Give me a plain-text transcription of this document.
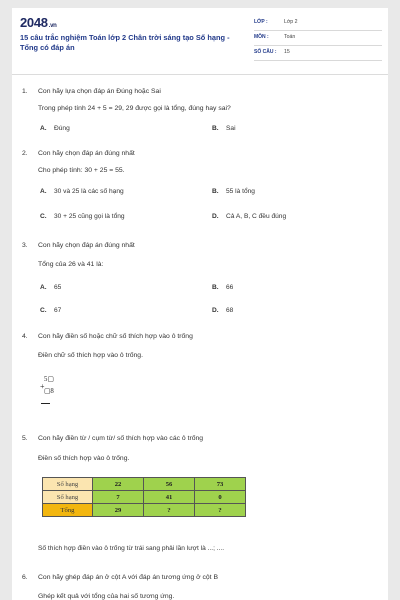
2048.vn
15 câu trắc nghiệm Toán lớp 2 Chân trời sáng tạo Số hạng - Tổng có đáp án
LỚP :	Lớp 2
MÔN :	Toán
SỐ CÂU : 15
1. Con hãy lựa chọn đáp án Đúng hoặc Sai
Trong phép tính 24 + 5 = 29, 29 được gọi là tổng, đúng hay sai?
A. Đúng	B. Sai
2. Con hãy chọn đáp án đúng nhất
Cho phép tính: 30 + 25 = 55.
A. 30 và 25 là các số hạng	B. 55 là tổng
C. 30 + 25 cũng gọi là tổng	D. Cả A, B, C đều đúng
3. Con hãy chọn đáp án đúng nhất
Tổng của 26 và 41 là:
A. 65	B. 66
C. 67	D. 68
4. Con hãy điền số hoặc chữ số thích hợp vào ô trống
Điền chữ số thích hợp vào ô trống.
+
5▢
▢8
5. Con hãy điền từ / cụm từ/ số thích hợp vào các ô trống
Điền số thích hợp vào ô trống.
Số hạng	22	56	73
Số hạng	7	41	0
Tổng	29	?	?
Số thích hợp điền vào ô trống từ trái sang phải lần lượt là ...; ....
6. Con hãy ghép đáp án ở cột A với đáp án tương ứng ở cột B
Ghép kết quả với tổng của hai số tương ứng.
